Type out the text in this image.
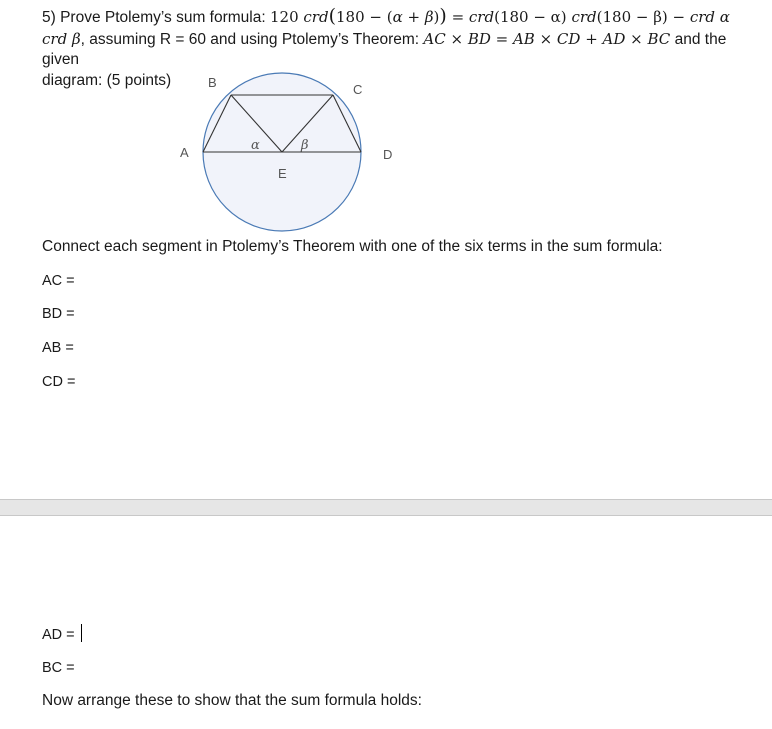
5) Prove Ptolemy’s sum formula: 120 crd(180 − (α + β)) = crd(180 − α) crd(180 − β) − crd α
crd β, assuming R = 60 and using Ptolemy’s Theorem: AC × BD = AB × CD + AD × BC and the given
diagram: (5 points)
A
B	C
D
E
α	β
Connect each segment in Ptolemy’s Theorem with one of the six terms in the sum formula:
AC =
BD =
AB =
CD =
AD =
BC =
Now arrange these to show that the sum formula holds:
